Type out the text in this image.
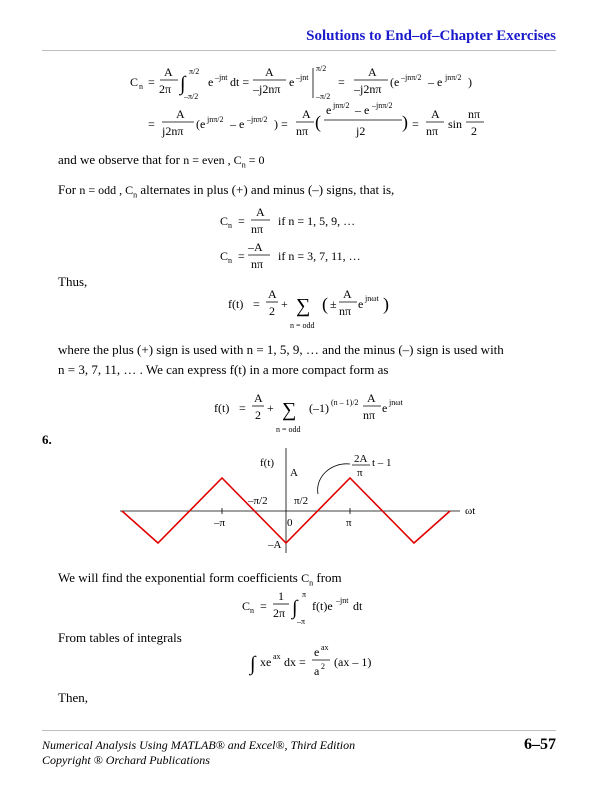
Solutions to End–of–Chapter Exercises
C n =
A
2π ∫
π/2
–π/2
e –jnt dt =
A
–j2nπ e –jnt
π/2
–π/2
=
A
–j2nπ (e –jnπ/2 – e jnπ/2 )
=
A
j2nπ (e jnπ/2 – e –jnπ/2 ) =
A
nπ (
e jnπ/2 – e –jnπ/2
j2 ) =
A
nπ sin
nπ
2
and we observe that for n = even , $C_n = 0$
For n = odd , $C_n$ alternates in plus (+) and minus (–) signs, that is,
C n =
A
nπ
if n = 1, 5, 9, …
C n =
–A
nπ
if n = 3, 7, 11, …
Thus,
f(t) =
A
2 + ∑
n = odd
( ±
A
nπ e jnωt )
where the plus (+) sign is used with n = 1, 5, 9, … and the minus (–) sign is used with
n = 3, 7, 11, … . We can express f(t) in a more compact form as
f(t) =
A
2 + ∑
n = odd
(–1) (n – 1)/2 A
nπ e jnωt
6.
f(t)
A
–A
–π	π
0
–π/2 π/2
ωt
2A
π
t – 1
We will find the exponential form coefficients $C_n$ from
C n =
1
2π ∫
π
–π
f(t)e –jnt dt
From tables of integrals
∫ xe ax dx =
e ax
a 2 (ax – 1)
Then,
Numerical Analysis Using MATLAB® and Excel®, Third Edition
Copyright ® Orchard Publications
6–57
